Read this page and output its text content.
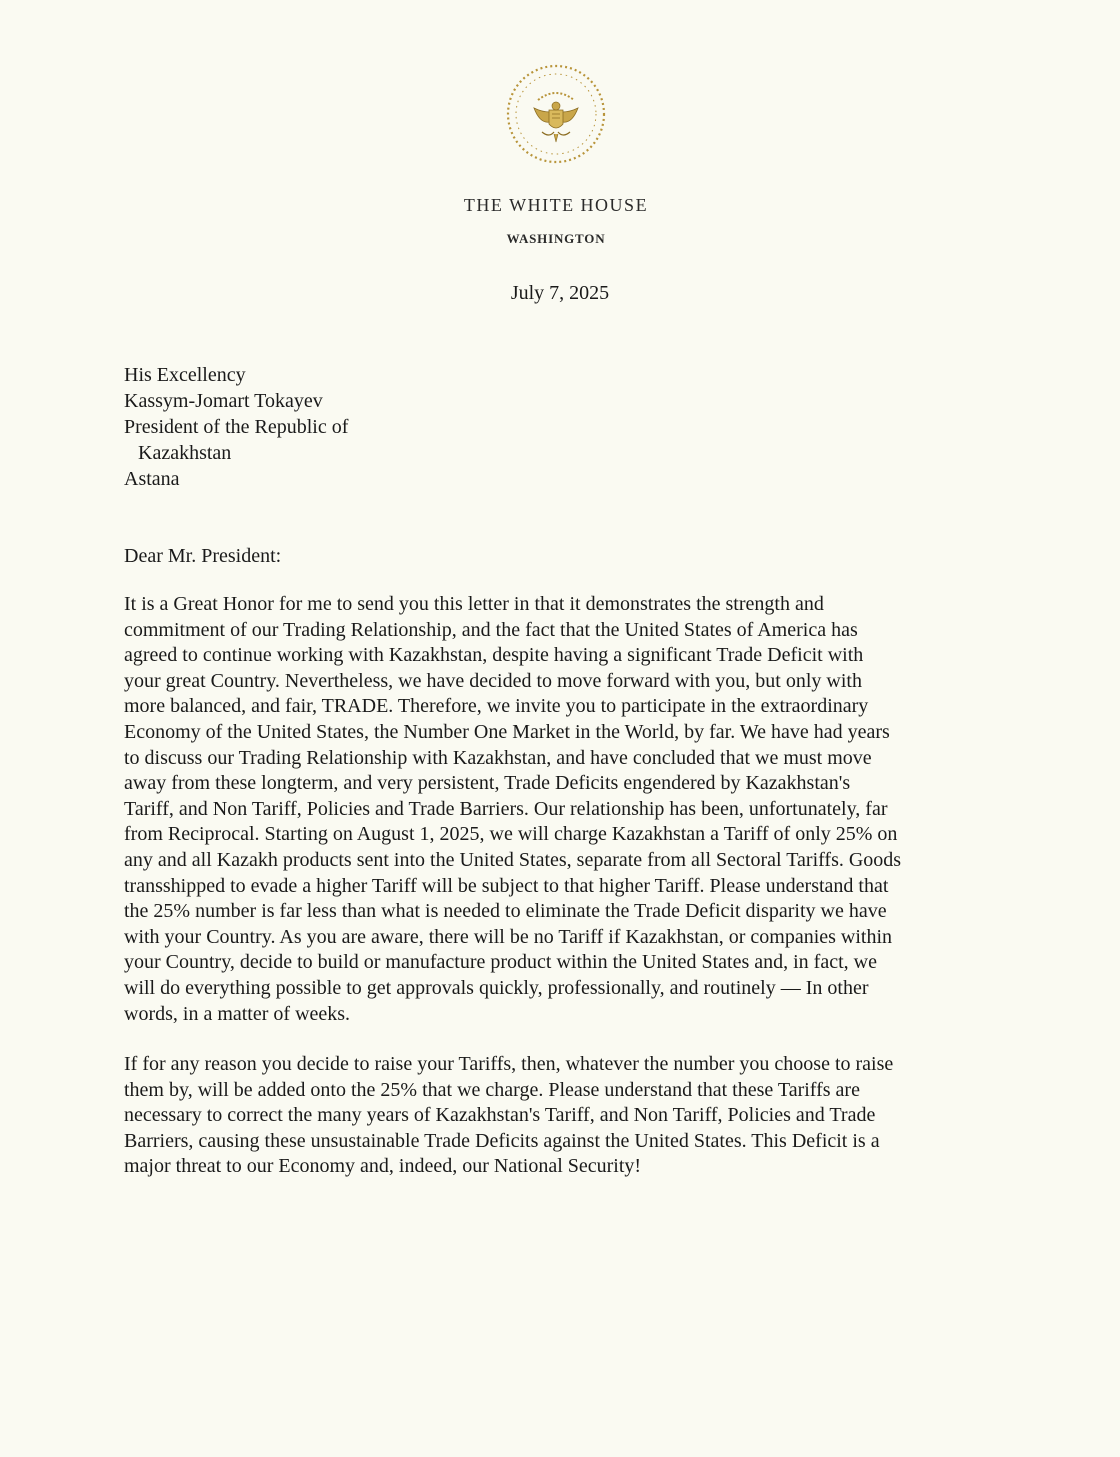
THE WHITE HOUSE
WASHINGTON
July 7, 2025
His Excellency
Kassym-Jomart Tokayev
President of the Republic of
Kazakhstan
Astana
Dear Mr. President:
It is a Great Honor for me to send you this letter in that it demonstrates the strength and
commitment of our Trading Relationship, and the fact that the United States of America has
agreed to continue working with Kazakhstan, despite having a significant Trade Deficit with
your great Country. Nevertheless, we have decided to move forward with you, but only with
more balanced, and fair, TRADE. Therefore, we invite you to participate in the extraordinary
Economy of the United States, the Number One Market in the World, by far. We have had years
to discuss our Trading Relationship with Kazakhstan, and have concluded that we must move
away from these longterm, and very persistent, Trade Deficits engendered by Kazakhstan's
Tariff, and Non Tariff, Policies and Trade Barriers. Our relationship has been, unfortunately, far
from Reciprocal. Starting on August 1, 2025, we will charge Kazakhstan a Tariff of only 25% on
any and all Kazakh products sent into the United States, separate from all Sectoral Tariffs. Goods
transshipped to evade a higher Tariff will be subject to that higher Tariff. Please understand that
the 25% number is far less than what is needed to eliminate the Trade Deficit disparity we have
with your Country. As you are aware, there will be no Tariff if Kazakhstan, or companies within
your Country, decide to build or manufacture product within the United States and, in fact, we
will do everything possible to get approvals quickly, professionally, and routinely — In other
words, in a matter of weeks.
If for any reason you decide to raise your Tariffs, then, whatever the number you choose to raise
them by, will be added onto the 25% that we charge. Please understand that these Tariffs are
necessary to correct the many years of Kazakhstan's Tariff, and Non Tariff, Policies and Trade
Barriers, causing these unsustainable Trade Deficits against the United States. This Deficit is a
major threat to our Economy and, indeed, our National Security!
